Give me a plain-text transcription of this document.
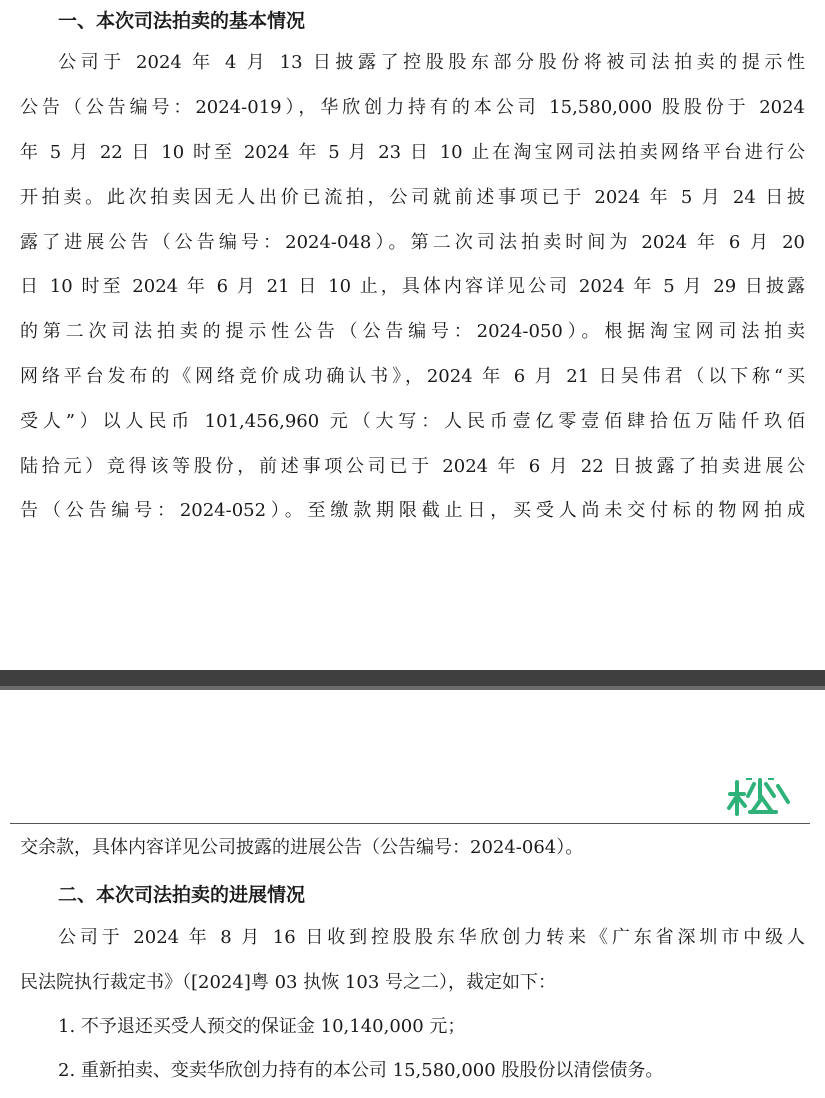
一、本次司法拍卖的基本情况
公司于 2024 年 4 月 13 日披露了控股股东部分股份将被司法拍卖的提示性
公告（公告编号：2024-019），华欣创力持有的本公司 15,580,000 股股份于 2024
年 5 月 22 日 10 时至 2024 年 5 月 23 日 10 止在淘宝网司法拍卖网络平台进行公
开拍卖。此次拍卖因无人出价已流拍，公司就前述事项已于 2024 年 5 月 24 日披
露了进展公告（公告编号：2024-048）。第二次司法拍卖时间为 2024 年 6 月 20
日 10 时至 2024 年 6 月 21 日 10 止，具体内容详见公司 2024 年 5 月 29 日披露
的第二次司法拍卖的提示性公告（公告编号：2024-050）。根据淘宝网司法拍卖
网络平台发布的《网络竞价成功确认书》，2024 年 6 月 21 日吴伟君（以下称“买
受人”）以人民币 101,456,960 元（大写：人民币壹亿零壹佰肆拾伍万陆仟玖佰
陆拾元）竞得该等股份，前述事项公司已于 2024 年 6 月 22 日披露了拍卖进展公
告（公告编号：2024-052）。至缴款期限截止日，买受人尚未交付标的物网拍成
交余款，具体内容详见公司披露的进展公告（公告编号：2024-064）。
二、本次司法拍卖的进展情况
公司于 2024 年 8 月 16 日收到控股股东华欣创力转来《广东省深圳市中级人
民法院执行裁定书》（[2024]粤 03 执恢 103 号之二），裁定如下：
1. 不予退还买受人预交的保证金 10,140,000 元；
2. 重新拍卖、变卖华欣创力持有的本公司 15,580,000 股股份以清偿债务。
